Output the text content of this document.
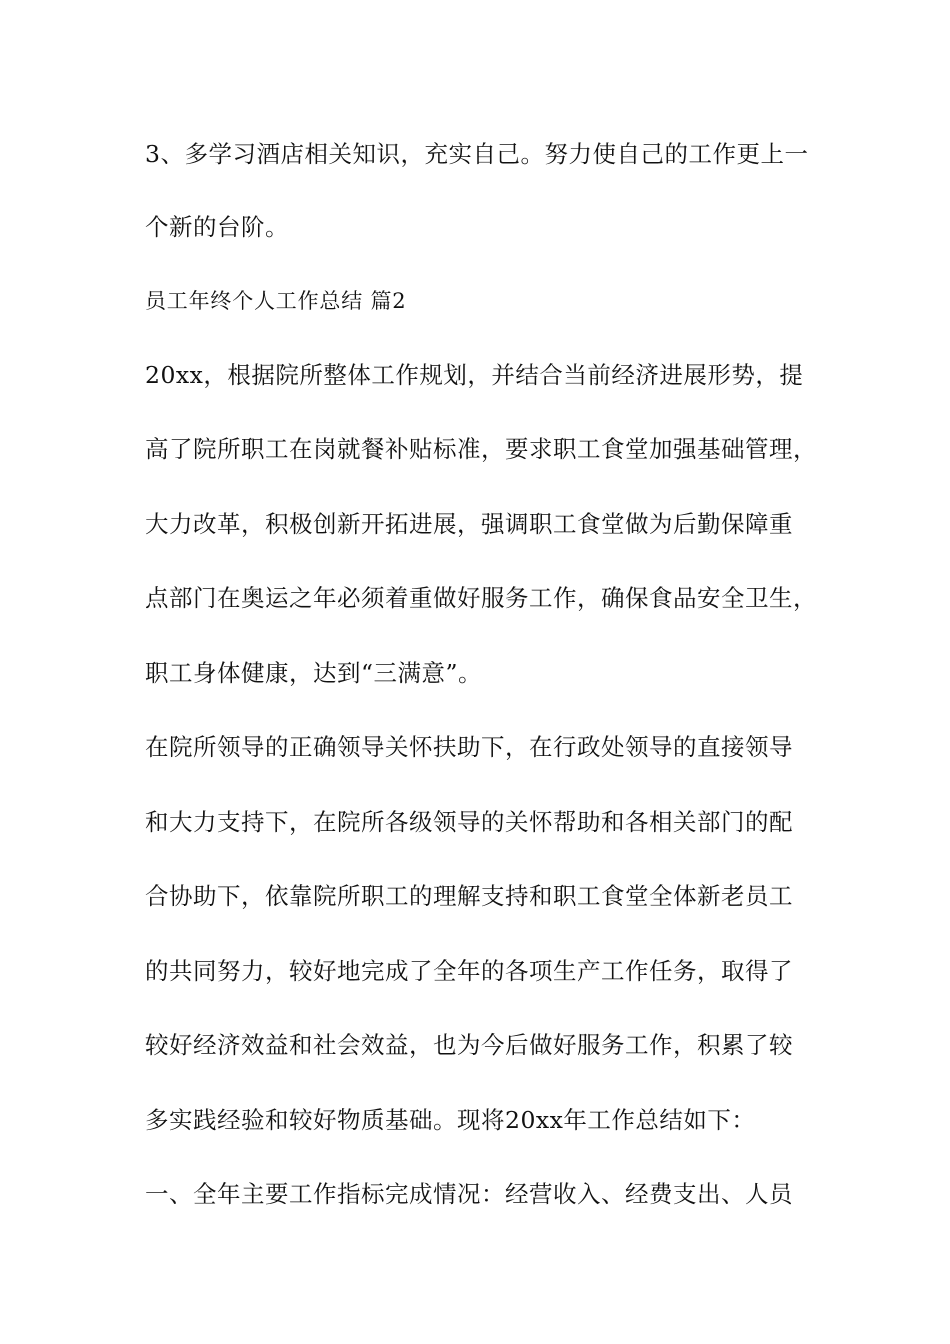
3、多学习酒店相关知识，充实自己。努力使自己的工作更上一
个新的台阶。
员工年终个人工作总结 篇2
20xx，根据院所整体工作规划，并结合当前经济进展形势，提
高了院所职工在岗就餐补贴标准，要求职工食堂加强基础管理，
大力改革，积极创新开拓进展，强调职工食堂做为后勤保障重
点部门在奥运之年必须着重做好服务工作，确保食品安全卫生，
职工身体健康，达到“三满意”。
在院所领导的正确领导关怀扶助下，在行政处领导的直接领导
和大力支持下，在院所各级领导的关怀帮助和各相关部门的配
合协助下，依靠院所职工的理解支持和职工食堂全体新老员工
的共同努力，较好地完成了全年的各项生产工作任务，取得了
较好经济效益和社会效益，也为今后做好服务工作，积累了较
多实践经验和较好物质基础。现将20xx年工作总结如下：
一、全年主要工作指标完成情况：经营收入、经费支出、人员
